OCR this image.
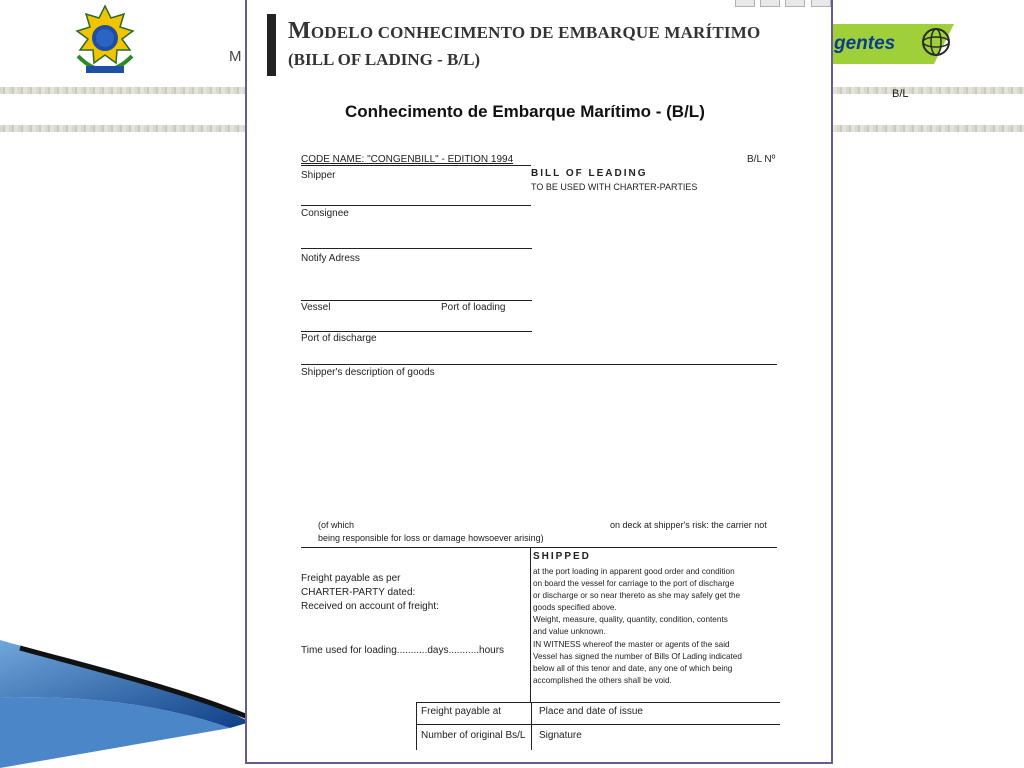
M
gentes
B/L
MODELO CONHECIMENTO DE EMBARQUE MARÍTIMO
(BILL OF LADING - B/L)
Conhecimento de Embarque Marítimo - (B/L)
CODE NAME: "CONGENBILL" - EDITION 1994	B/L Nº
Shipper	BILL OF LEADING
TO BE USED WITH CHARTER-PARTIES
Consignee
Notify Adress
Vessel	Port of loading
Port of discharge
Shipper's description of goods
(of which	on deck at shipper's risk: the carrier not
being responsible for loss or damage howsoever arising)
Freight payable as per
CHARTER-PARTY dated:
Received on account of freight:
Time used for loading...........days...........hours
SHIPPED
at the port loading in apparent good order and condition
on board the vessel for carriage to the port of discharge
or discharge or so near thereto as she may safely get the
goods specified above.
Weight, measure, quality, quantity, condition, contents
and value unknown.
IN WITNESS whereof the master or agents of the said
Vessel has signed the number of Bills Of Lading indicated
below all of this tenor and date, any one of which being
accomplished the others shall be void.
Freight payable at	Place and date of issue
Number of original Bs/L Signature
